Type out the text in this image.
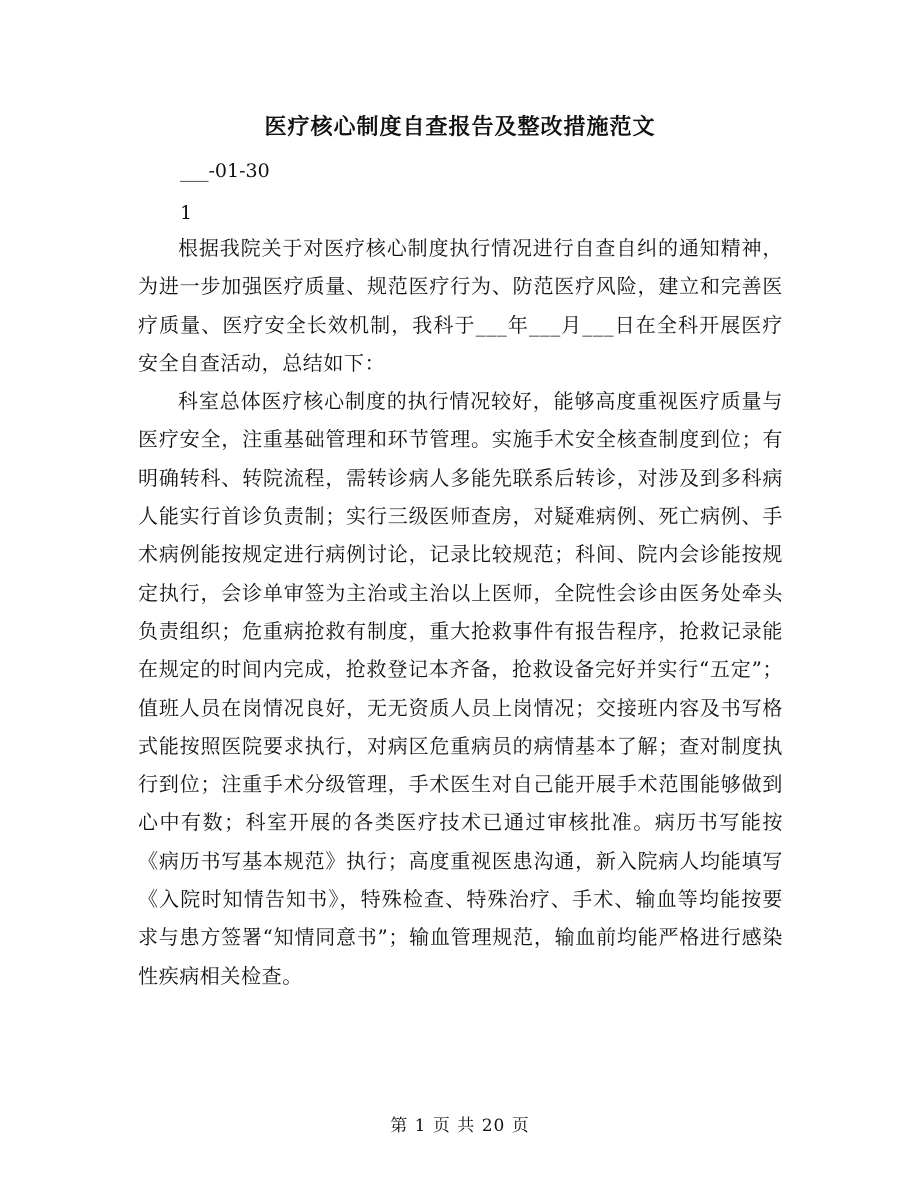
医疗核心制度自查报告及整改措施范文
___-01-30
1

根据我院关于对医疗核心制度执行情况进行自查自纠的通知精神，为进一步加强医疗质量、规范医疗行为、防范医疗风险，建立和完善医疗质量、医疗安全长效机制，我科于___年___月___日在全科开展医疗安全自查活动，总结如下：

科室总体医疗核心制度的执行情况较好，能够高度重视医疗质量与医疗安全，注重基础管理和环节管理。实施手术安全核查制度到位；有明确转科、转院流程，需转诊病人多能先联系后转诊，对涉及到多科病人能实行首诊负责制；实行三级医师查房，对疑难病例、死亡病例、手术病例能按规定进行病例讨论，记录比较规范；科间、院内会诊能按规定执行，会诊单审签为主治或主治以上医师，全院性会诊由医务处牵头负责组织；危重病抢救有制度，重大抢救事件有报告程序，抢救记录能在规定的时间内完成，抢救登记本齐备，抢救设备完好并实行“五定”；值班人员在岗情况良好，无无资质人员上岗情况；交接班内容及书写格式能按照医院要求执行，对病区危重病员的病情基本了解；查对制度执行到位；注重手术分级管理，手术医生对自己能开展手术范围能够做到心中有数；科室开展的各类医疗技术已通过审核批准。病历书写能按《病历书写基本规范》执行；高度重视医患沟通，新入院病人均能填写《入院时知情告知书》，特殊检查、特殊治疗、手术、输血等均能按要求与患方签署“知情同意书”；输血管理规范，输血前均能严格进行感染性疾病相关检查。

第 1 页 共 20 页
